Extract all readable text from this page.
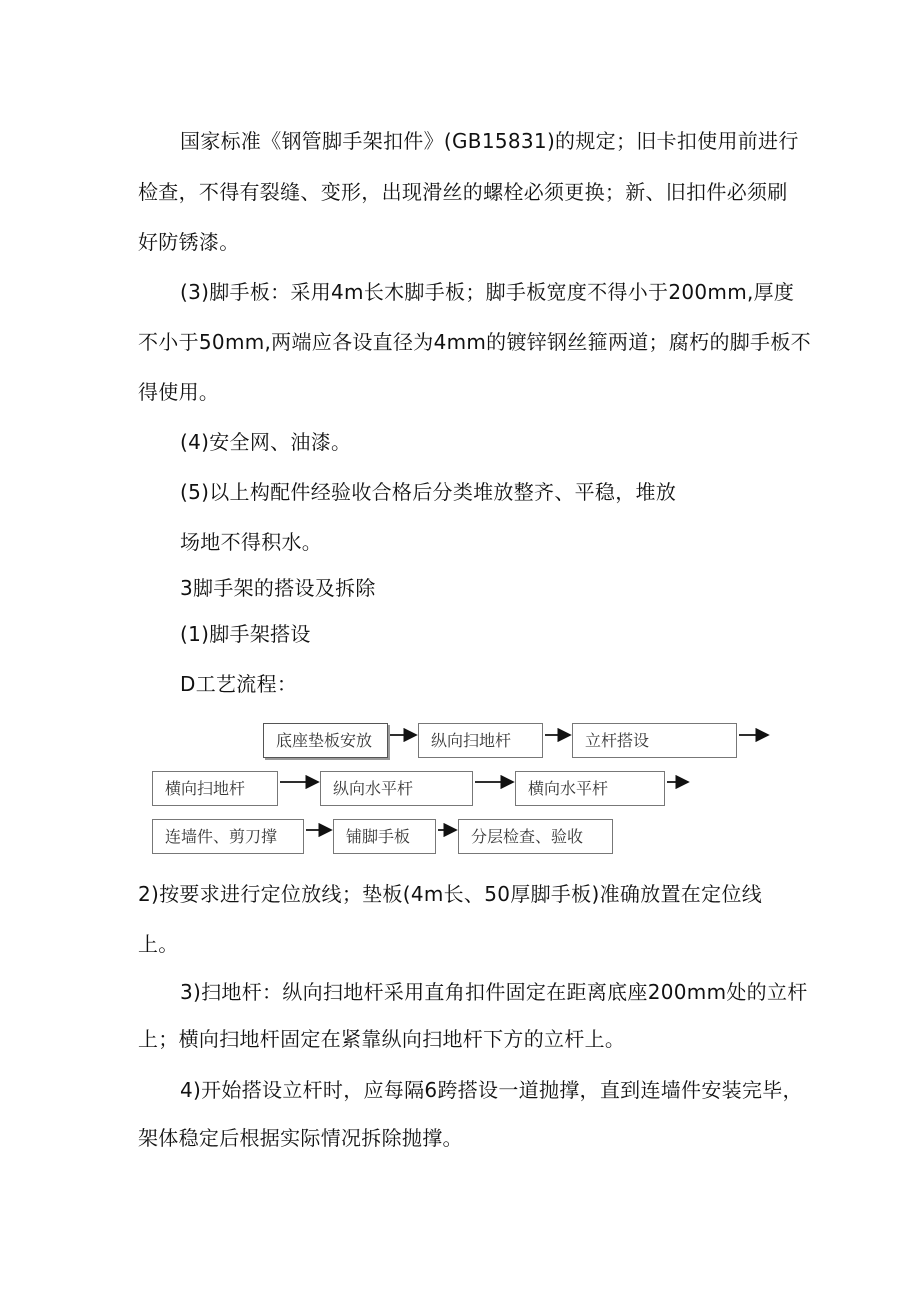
国家标准《钢管脚手架扣件》(GB15831)的规定；旧卡扣使用前进行
检查，不得有裂缝、变形，出现滑丝的螺栓必须更换；新、旧扣件必须刷
好防锈漆。
(3)脚手板：采用4m长木脚手板；脚手板宽度不得小于200mm,厚度
不小于50mm,两端应各设直径为4mm的镀锌钢丝箍两道；腐朽的脚手板不
得使用。
(4)安全网、油漆。
(5)以上构配件经验收合格后分类堆放整齐、平稳，堆放
场地不得积水。
3脚手架的搭设及拆除
(1)脚手架搭设
D工艺流程：
底座垫板安放	纵向扫地杆	立杆搭设
横向扫地杆	纵向水平杆	横向水平杆
连墙件、剪刀撑	铺脚手板	分层检查、验收
2)按要求进行定位放线；垫板(4m长、50厚脚手板)准确放置在定位线
上。
3)扫地杆：纵向扫地杆采用直角扣件固定在距离底座200mm处的立杆
上；横向扫地杆固定在紧靠纵向扫地杆下方的立杆上。
4)开始搭设立杆时，应每隔6跨搭设一道抛撑，直到连墙件安装完毕，
架体稳定后根据实际情况拆除抛撑。
